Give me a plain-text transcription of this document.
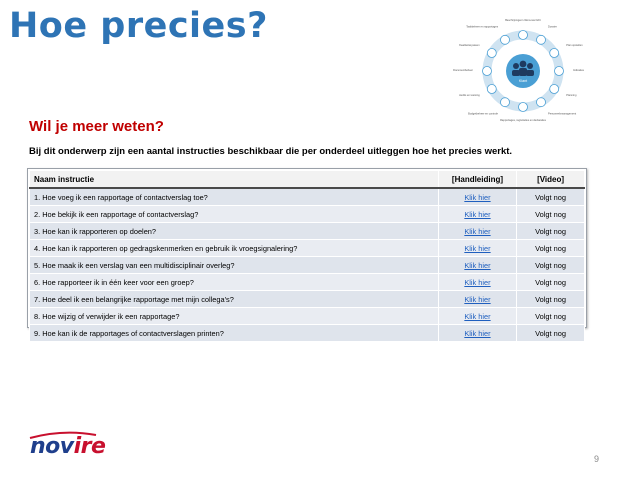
Hoe precies?	Beschrijvingen/ cliënt-overzicht
Dossier
Plan opstellen
Indicaties
Planning
Personeelsmanagement
Rapportages, registraties en declaraties
Budgetbeheer en controle
Audits en toetsing
Documentbeheer
Kwaliteitssysteem
Taakbeheer en rapportages
Klant
Wil je meer weten?
Bij dit onderwerp zijn een aantal instructies beschikbaar die per onderdeel uitleggen hoe het precies werkt.
Naam instructie	[Handleiding]	[Video]
1. Hoe voeg ik een rapportage of contactverslag toe?	Klik hier	Volgt nog
2. Hoe bekijk ik een rapportage of contactverslag?	Klik hier	Volgt nog
3. Hoe kan ik rapporteren op doelen?	Klik hier	Volgt nog
4. Hoe kan ik rapporteren op gedragskenmerken en gebruik ik vroegsignalering?	Klik hier	Volgt nog
5. Hoe maak ik een verslag van een multidisciplinair overleg?	Klik hier	Volgt nog
6. Hoe rapporteer ik in één keer voor een groep?	Klik hier	Volgt nog
7. Hoe deel ik een belangrijke rapportage met mijn collega's?	Klik hier	Volgt nog
8. Hoe wijzig of verwijder ik een rapportage?	Klik hier	Volgt nog
9. Hoe kan ik de rapportages of contactverslagen printen?	Klik hier	Volgt nog
novire	9
